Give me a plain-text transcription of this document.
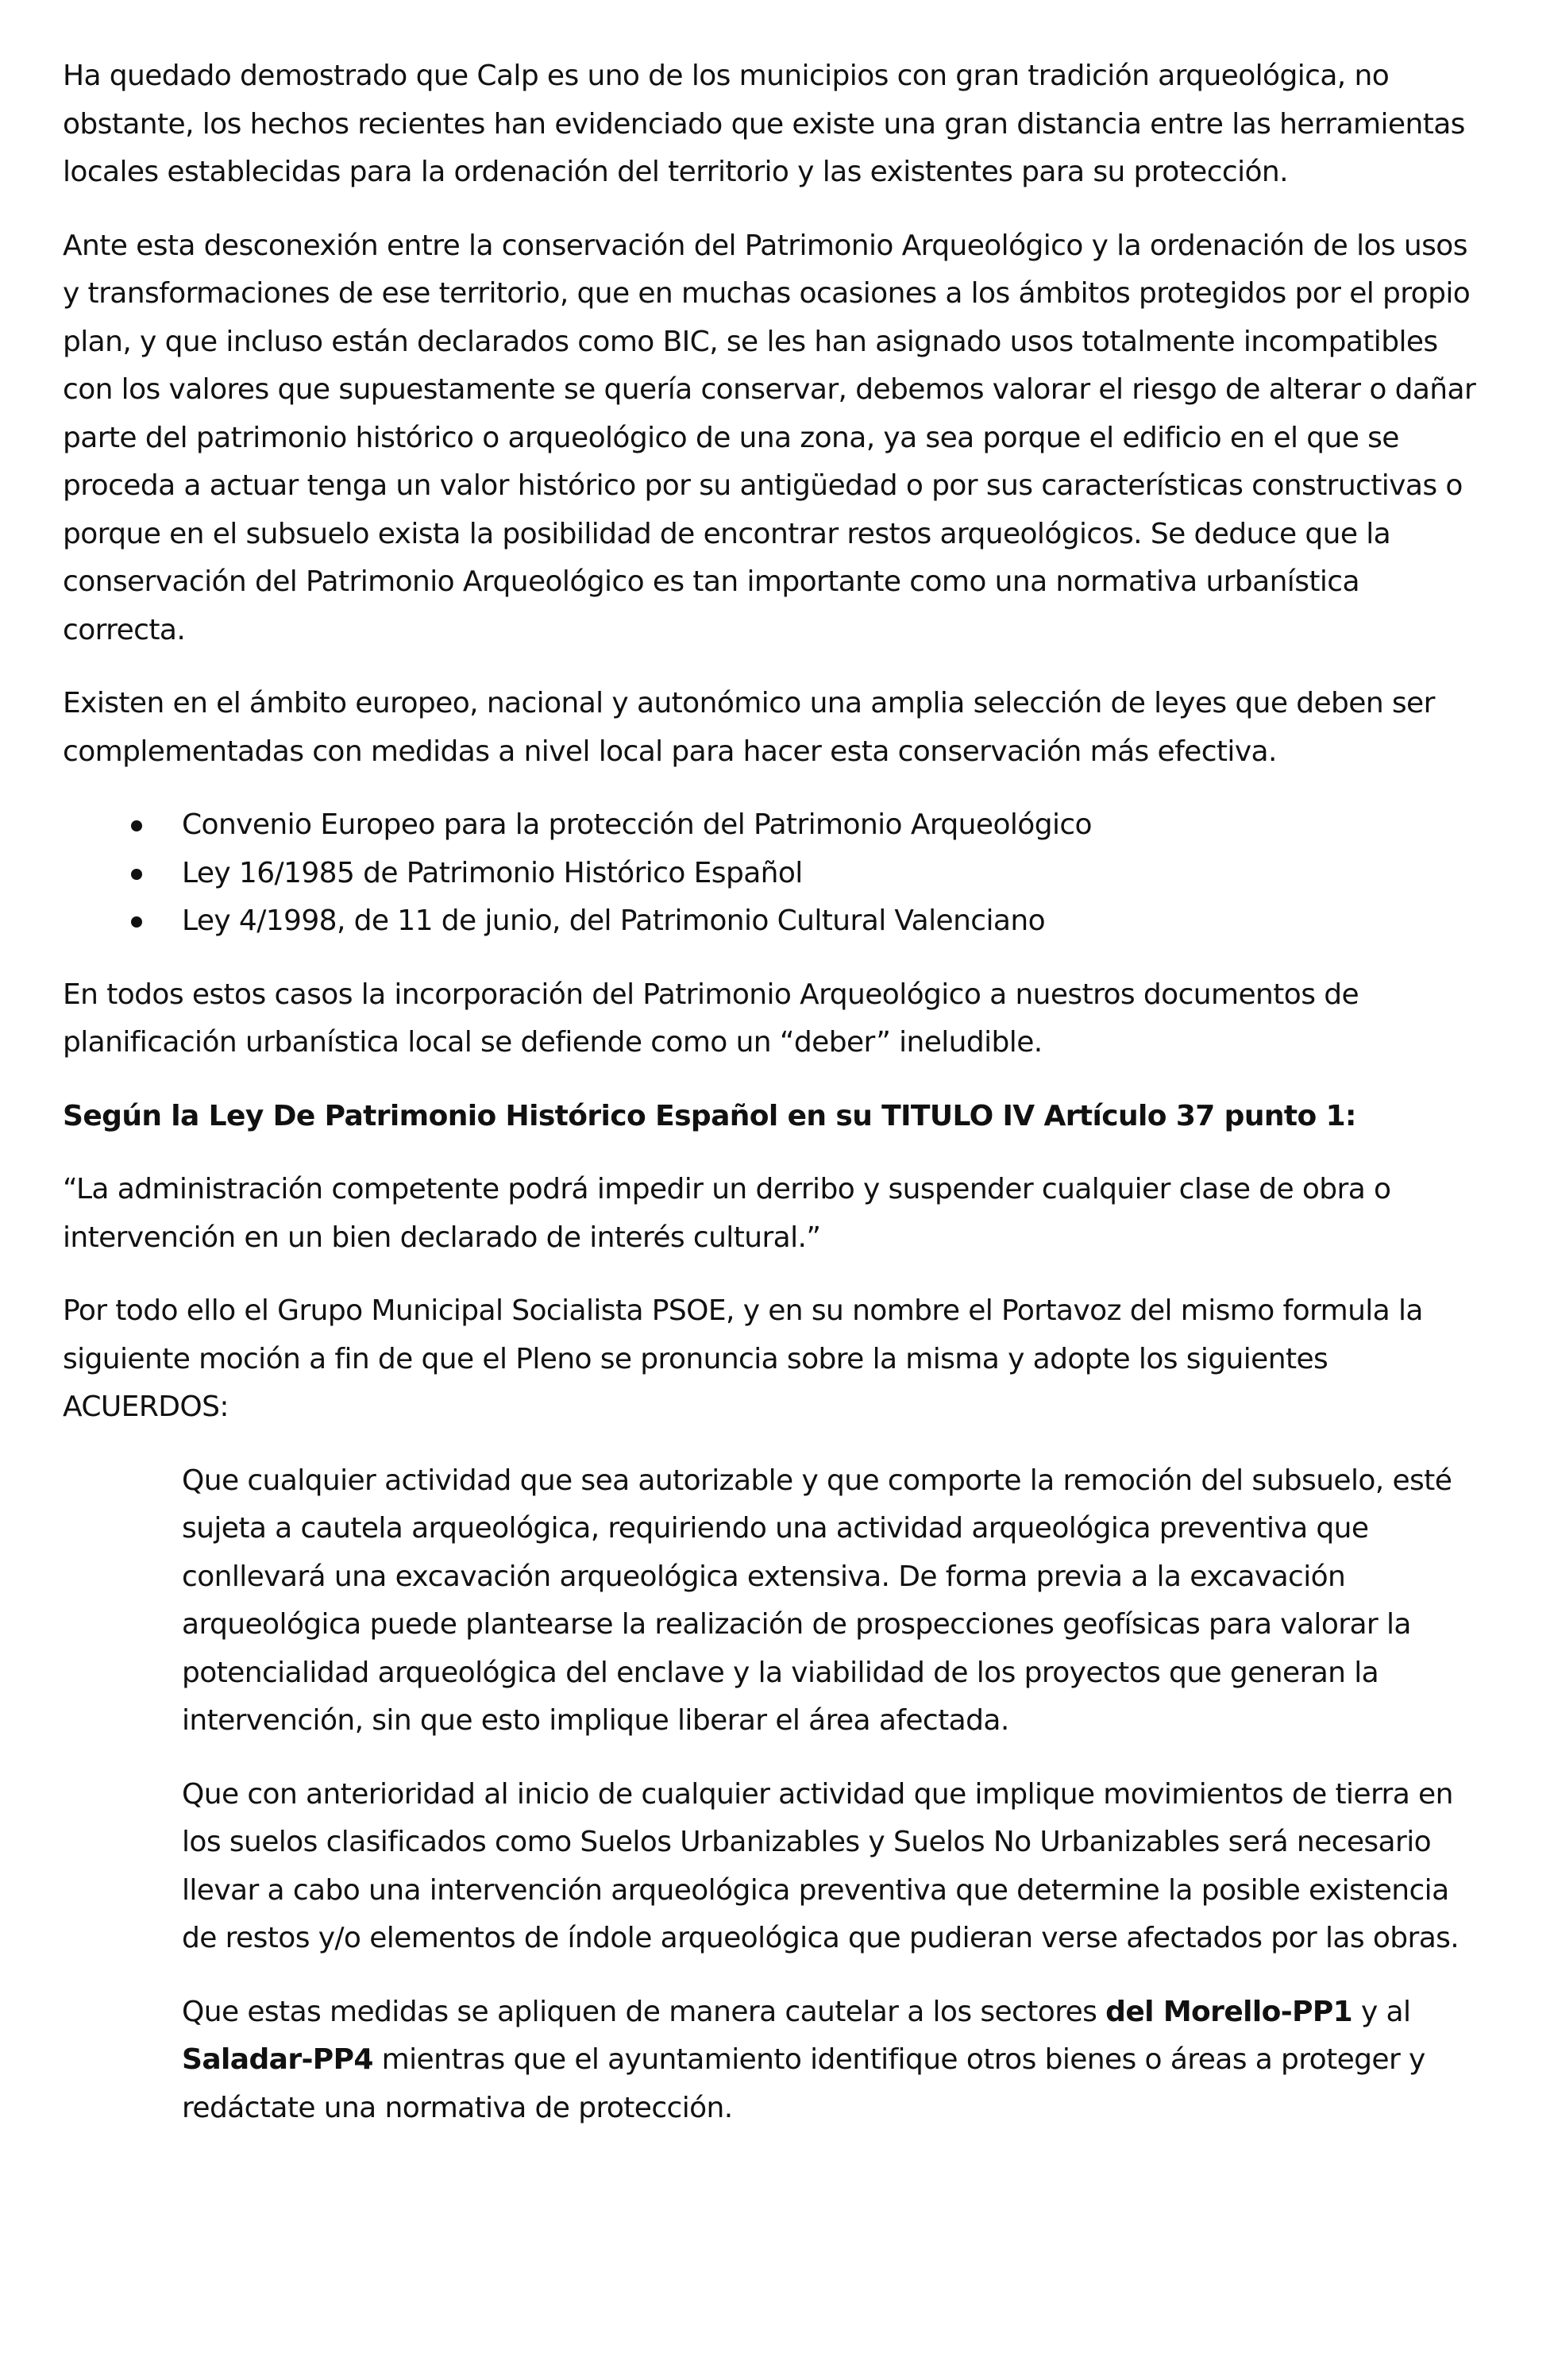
Ha quedado demostrado que Calp es uno de los municipios con gran tradición arqueológica, no obstante, los hechos recientes han evidenciado que existe una gran distancia entre las herramientas locales establecidas para la ordenación del territorio y las existentes para su protección.

Ante esta desconexión entre la conservación del Patrimonio Arqueológico y la ordenación de los usos y transformaciones de ese territorio, que en muchas ocasiones a los ámbitos protegidos por el propio plan, y que incluso están declarados como BIC, se les han asignado usos totalmente incompatibles con los valores que supuestamente se quería conservar, debemos valorar el riesgo de alterar o dañar parte del patrimonio histórico o arqueológico de una zona, ya sea porque el edificio en el que se proceda a actuar tenga un valor histórico por su antigüedad o por sus características constructivas o porque en el subsuelo exista la posibilidad de encontrar restos arqueológicos. Se deduce que la conservación del Patrimonio Arqueológico es tan importante como una normativa urbanística correcta.

Existen en el ámbito europeo, nacional y autonómico una amplia selección de leyes que deben ser complementadas con medidas a nivel local para hacer esta conservación más efectiva.

Convenio Europeo para la protección del Patrimonio Arqueológico
Ley 16/1985 de Patrimonio Histórico Español
Ley 4/1998, de 11 de junio, del Patrimonio Cultural Valenciano

En todos estos casos la incorporación del Patrimonio Arqueológico a nuestros documentos de planificación urbanística local se defiende como un “deber” ineludible.

Según la Ley De Patrimonio Histórico Español en su TITULO IV Artículo 37 punto 1:

“La administración competente podrá impedir un derribo y suspender cualquier clase de obra o intervención en un bien declarado de interés cultural.”

Por todo ello el Grupo Municipal Socialista PSOE, y en su nombre el Portavoz del mismo formula la siguiente moción a fin de que el Pleno se pronuncia sobre la misma y adopte los siguientes ACUERDOS:

Que cualquier actividad que sea autorizable y que comporte la remoción del subsuelo, esté sujeta a cautela arqueológica, requiriendo una actividad arqueológica preventiva que conllevará una excavación arqueológica extensiva. De forma previa a la excavación arqueológica puede plantearse la realización de prospecciones geofísicas para valorar la potencialidad arqueológica del enclave y la viabilidad de los proyectos que generan la intervención, sin que esto implique liberar el área afectada.

Que con anterioridad al inicio de cualquier actividad que implique movimientos de tierra en los suelos clasificados como Suelos Urbanizables y Suelos No Urbanizables será necesario llevar a cabo una intervención arqueológica preventiva que determine la posible existencia de restos y/o elementos de índole arqueológica que pudieran verse afectados por las obras.

Que estas medidas se apliquen de manera cautelar a los sectores del Morello-PP1 y al Saladar-PP4 mientras que el ayuntamiento identifique otros bienes o áreas a proteger y redáctate una normativa de protección.
